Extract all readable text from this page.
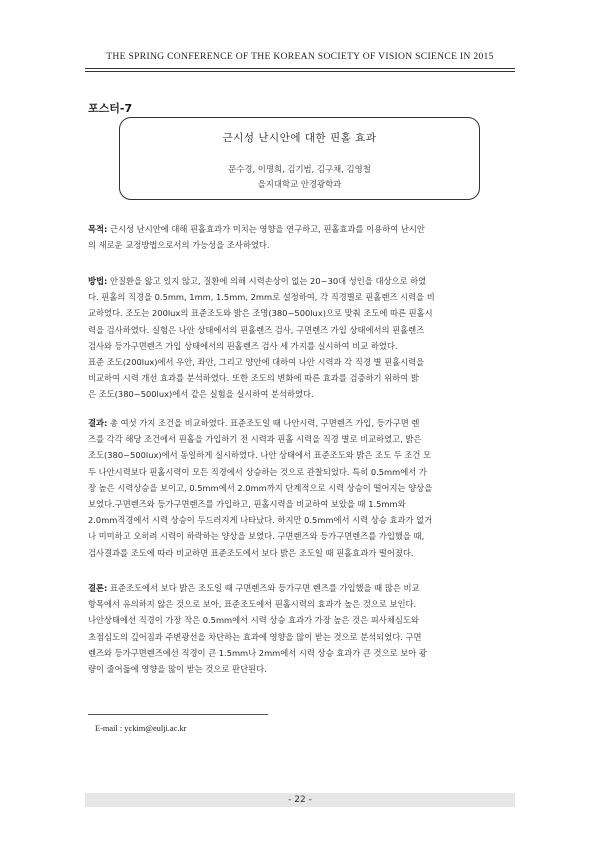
THE SPRING CONFERENCE OF THE KOREAN SOCIETY OF VISION SCIENCE IN 2015
포스터-7
근시성 난시안에 대한 핀홀 효과
문수경, 이명희, 김기범, 김구채, 김영철
을지대학교 안경광학과
목적: 근시성 난시안에 대해 핀홀효과가 미치는 영향을 연구하고, 핀홀효과를 이용하여 난시안
의 새로운 교정방법으로서의 가능성을 조사하였다.
방법: 안질환을 앓고 있지 않고, 질환에 의해 시력손상이 없는 20~30대 성인을 대상으로 하였
다. 핀홀의 직경을 0.5mm, 1mm, 1.5mm, 2mm로 설정하여, 각 직경별로 핀홀렌즈 시력을 비
교하였다. 조도는 200lux의 표준조도와 밝은 조명(380~500lux)으로 맞춰 조도에 따른 핀홀시
력을 검사하였다. 실험은 나안 상태에서의 핀홀렌즈 검사, 구면렌즈 가입 상태에서의 핀홀렌즈
검사와 등가구면렌즈 가입 상태에서의 핀홀렌즈 검사 세 가지를 실시하여 비교 하였다.
표준 조도(200lux)에서 우안, 좌안, 그리고 양안에 대하여 나안 시력과 각 직경 별 핀홀시력을
비교하여 시력 개선 효과를 분석하였다. 또한 조도의 변화에 따른 효과를 검증하기 위하여 밝
은 조도(380~500lux)에서 같은 실험을 실시하여 분석하였다.
결과: 총 여섯 가지 조건을 비교하였다. 표준조도일 때 나안시력, 구면렌즈 가입, 등가구면 렌
즈를 각각 해당 조건에서 핀홀을 가입하기 전 시력과 핀홀 시력을 직경 별로 비교하였고, 밝은
조도(380~500lux)에서 동일하게 실시하였다. 나안 상태에서 표준조도와 밝은 조도 두 조건 모
두 나안시력보다 핀홀시력이 모든 직경에서 상승하는 것으로 관찰되었다. 특히 0.5mm에서 가
장 높은 시력상승을 보이고, 0.5mm에서 2.0mm까지 단계적으로 시력 상승이 떨어지는 양상을
보였다.구면렌즈와 등가구면렌즈를 가입하고, 핀홀시력을 비교하여 보았을 때 1.5mm와
2.0mm직경에서 시력 상승이 두드러지게 나타났다. 하지만 0.5mm에서 시력 상승 효과가 없거
나 미미하고 오히려 시력이 하락하는 양상을 보였다. 구면렌즈와 등가구면렌즈를 가입했을 때,
검사결과를 조도에 따라 비교하면 표준조도에서 보다 밝은 조도일 때 핀홀효과가 떨어졌다.
결론: 표준조도에서 보다 밝은 조도일 때 구면렌즈와 등가구면 렌즈를 가입했을 때 많은 비교
항목에서 유의하지 않은 것으로 보아, 표준조도에서 핀홀시력의 효과가 높은 것으로 보인다.
나안상태에선 직경이 가장 작은 0.5mm에서 시력 상승 효과가 가장 높은 것은 피사체심도와
초점심도의 깊어짐과 주변광선을 차단하는 효과에 영향을 많이 받는 것으로 분석되었다. 구면
렌즈와 등가구면렌즈에선 직경이 큰 1.5mm나 2mm에서 시력 상승 효과가 큰 것으로 보아 광
량이 줄어듦에 영향을 많이 받는 것으로 판단된다.
E-mail : yckim@eulji.ac.kr
- 22 -
